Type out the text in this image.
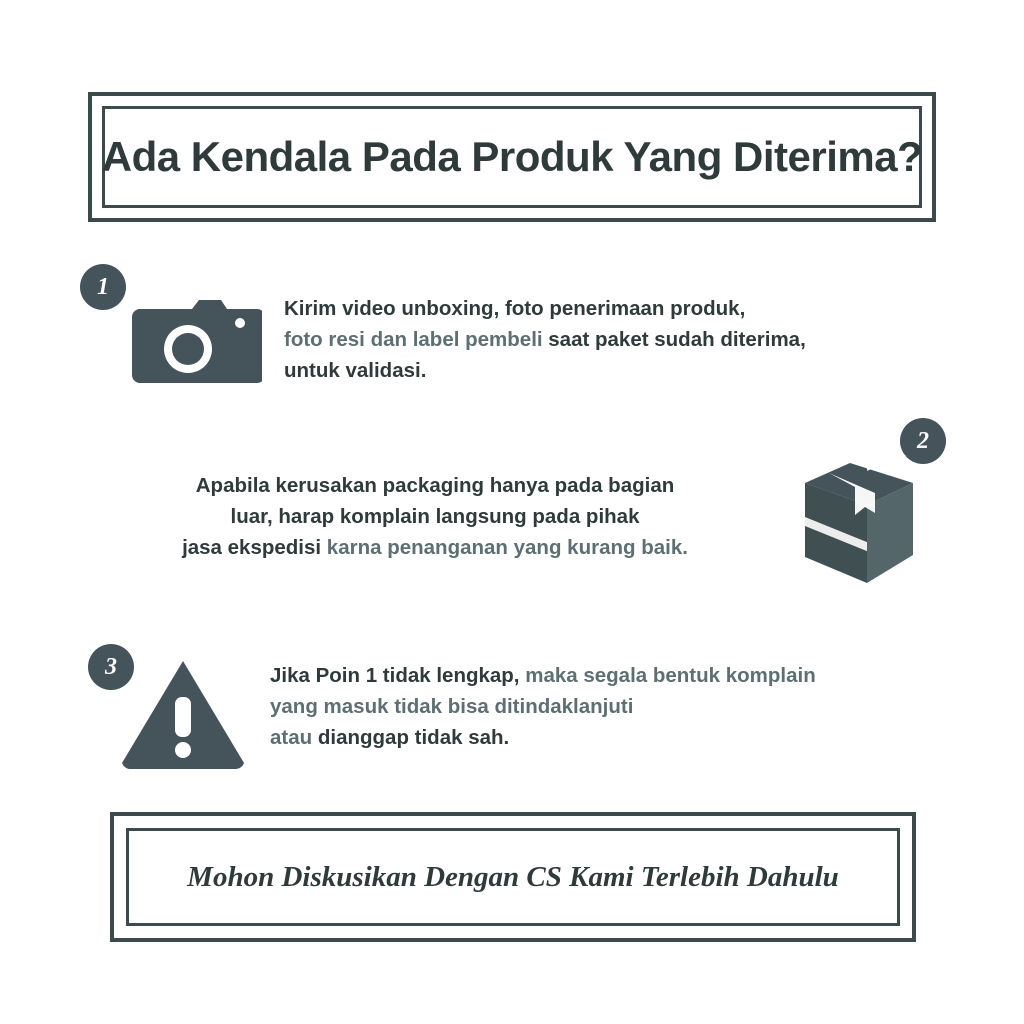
Ada Kendala Pada Produk Yang Diterima?
1
Kirim video unboxing, foto penerimaan produk,
foto resi dan label pembeli saat paket sudah diterima,
untuk validasi.
2
Apabila kerusakan packaging hanya pada bagian
luar, harap komplain langsung pada pihak
jasa ekspedisi karna penanganan yang kurang baik.
3	Jika Poin 1 tidak lengkap, maka segala bentuk komplain
yang masuk tidak bisa ditindaklanjuti
atau dianggap tidak sah.
Mohon Diskusikan Dengan CS Kami Terlebih Dahulu
